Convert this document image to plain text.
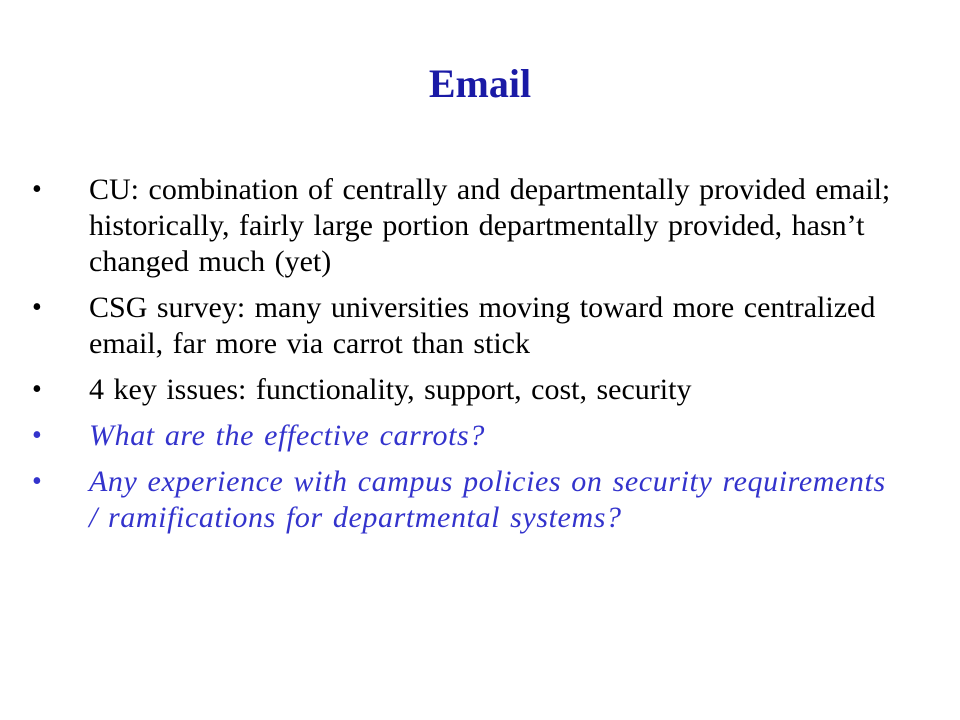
Email
• CU: combination of centrally and departmentally provided email; historically, fairly large portion departmentally provided, hasn’t changed much (yet)
• CSG survey: many universities moving toward more centralized email, far more via carrot than stick
• 4 key issues: functionality, support, cost, security
• What are the effective carrots?
• Any experience with campus policies on security requirements / ramifications for departmental systems?
